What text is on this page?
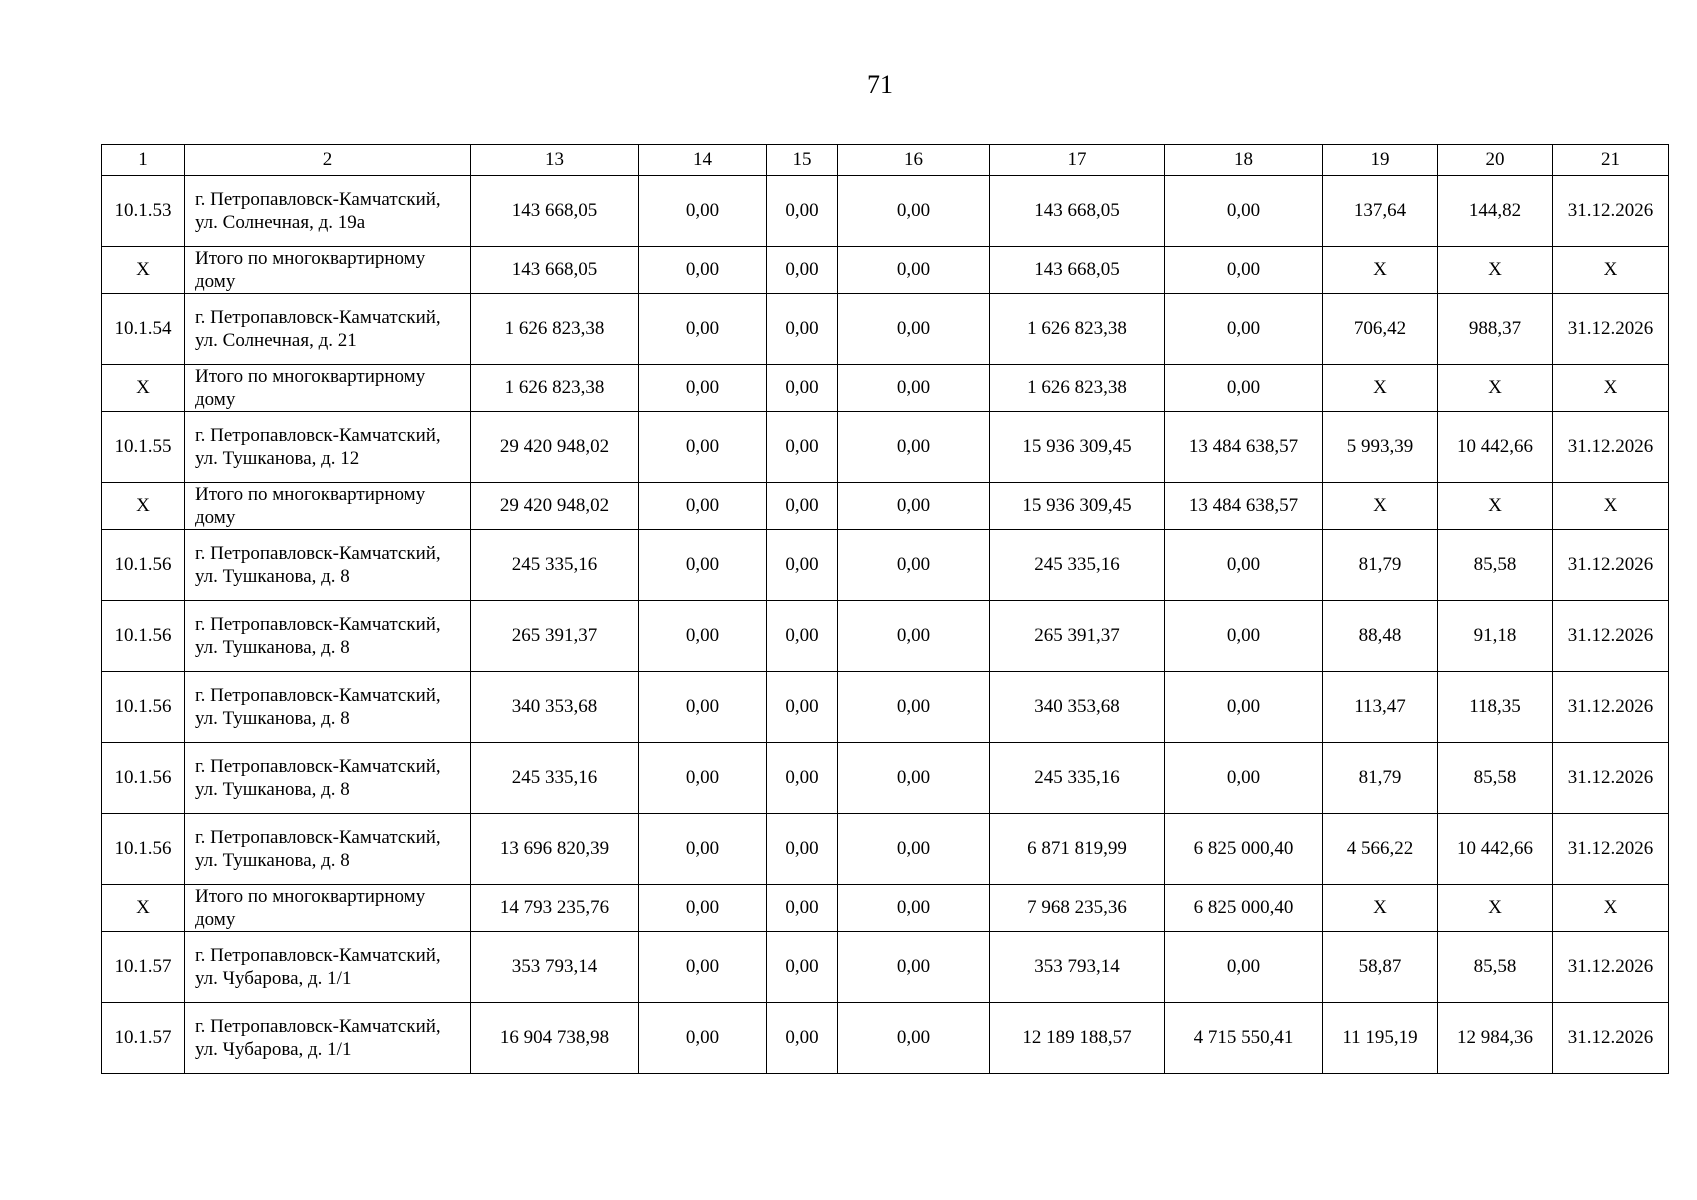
71
1	2	13	14	15	16	17	18	19	20	21
10.1.53	г. Петропавловск-Камчатский, ул. Солнечная, д. 19а	143 668,05	0,00	0,00	0,00	143 668,05	0,00	137,64	144,82	31.12.2026
Х	Итого по многоквартирному дому	143 668,05	0,00	0,00	0,00	143 668,05	0,00	Х	Х	Х
10.1.54	г. Петропавловск-Камчатский, ул. Солнечная, д. 21	1 626 823,38	0,00	0,00	0,00	1 626 823,38	0,00	706,42	988,37	31.12.2026
Х	Итого по многоквартирному дому	1 626 823,38	0,00	0,00	0,00	1 626 823,38	0,00	Х	Х	Х
10.1.55	г. Петропавловск-Камчатский, ул. Тушканова, д. 12	29 420 948,02	0,00	0,00	0,00	15 936 309,45	13 484 638,57	5 993,39	10 442,66	31.12.2026
Х	Итого по многоквартирному дому	29 420 948,02	0,00	0,00	0,00	15 936 309,45	13 484 638,57	Х	Х	Х
10.1.56	г. Петропавловск-Камчатский, ул. Тушканова, д. 8	245 335,16	0,00	0,00	0,00	245 335,16	0,00	81,79	85,58	31.12.2026
10.1.56	г. Петропавловск-Камчатский, ул. Тушканова, д. 8	265 391,37	0,00	0,00	0,00	265 391,37	0,00	88,48	91,18	31.12.2026
10.1.56	г. Петропавловск-Камчатский, ул. Тушканова, д. 8	340 353,68	0,00	0,00	0,00	340 353,68	0,00	113,47	118,35	31.12.2026
10.1.56	г. Петропавловск-Камчатский, ул. Тушканова, д. 8	245 335,16	0,00	0,00	0,00	245 335,16	0,00	81,79	85,58	31.12.2026
10.1.56	г. Петропавловск-Камчатский, ул. Тушканова, д. 8	13 696 820,39	0,00	0,00	0,00	6 871 819,99	6 825 000,40	4 566,22	10 442,66	31.12.2026
Х	Итого по многоквартирному дому	14 793 235,76	0,00	0,00	0,00	7 968 235,36	6 825 000,40	Х	Х	Х
10.1.57	г. Петропавловск-Камчатский, ул. Чубарова, д. 1/1	353 793,14	0,00	0,00	0,00	353 793,14	0,00	58,87	85,58	31.12.2026
10.1.57	г. Петропавловск-Камчатский, ул. Чубарова, д. 1/1	16 904 738,98	0,00	0,00	0,00	12 189 188,57	4 715 550,41	11 195,19	12 984,36	31.12.2026
